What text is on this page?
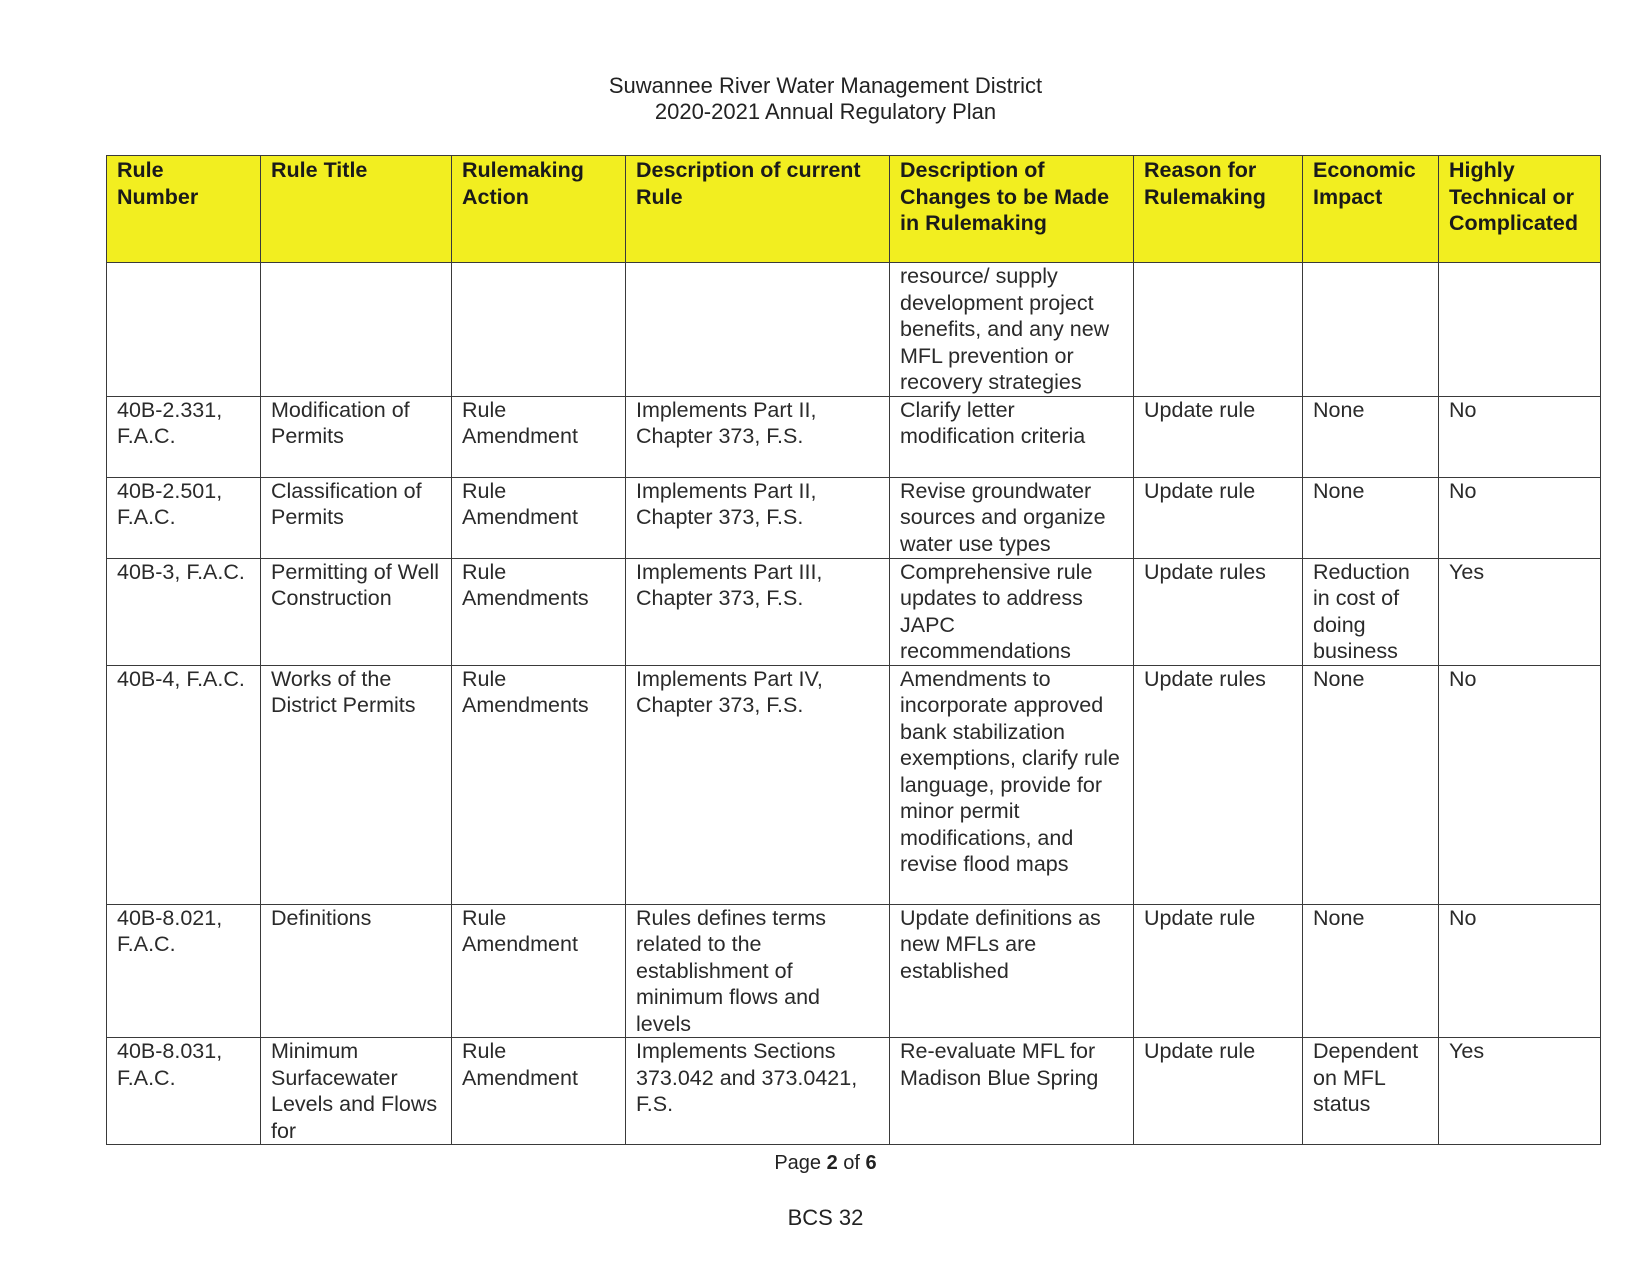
Suwannee River Water Management District
2020-2021 Annual Regulatory Plan
Rule Number	Rule Title	Rulemaking Action	Description of current Rule	Description of Changes to be Made in Rulemaking	Reason for Rulemaking	Economic Impact	Highly Technical or Complicated
				resource/ supply development project benefits, and any new MFL prevention or recovery strategies			
40B-2.331, F.A.C.	Modification of Permits	Rule Amendment	Implements Part II, Chapter 373, F.S.	Clarify letter modification criteria	Update rule	None	No
40B-2.501, F.A.C.	Classification of Permits	Rule Amendment	Implements Part II, Chapter 373, F.S.	Revise groundwater sources and organize water use types	Update rule	None	No
40B-3, F.A.C.	Permitting of Well Construction	Rule Amendments	Implements Part III, Chapter 373, F.S.	Comprehensive rule updates to address JAPC recommendations	Update rules	Reduction in cost of doing business	Yes
40B-4, F.A.C.	Works of the District Permits	Rule Amendments	Implements Part IV, Chapter 373, F.S.	Amendments to incorporate approved bank stabilization exemptions, clarify rule language, provide for minor permit modifications, and revise flood maps	Update rules	None	No
40B-8.021, F.A.C.	Definitions	Rule Amendment	Rules defines terms related to the establishment of minimum flows and levels	Update definitions as new MFLs are established	Update rule	None	No
40B-8.031, F.A.C.	Minimum Surfacewater Levels and Flows for	Rule Amendment	Implements Sections 373.042 and 373.0421, F.S.	Re-evaluate MFL for Madison Blue Spring	Update rule	Dependent on MFL status	Yes
Page 2 of 6
BCS 32
